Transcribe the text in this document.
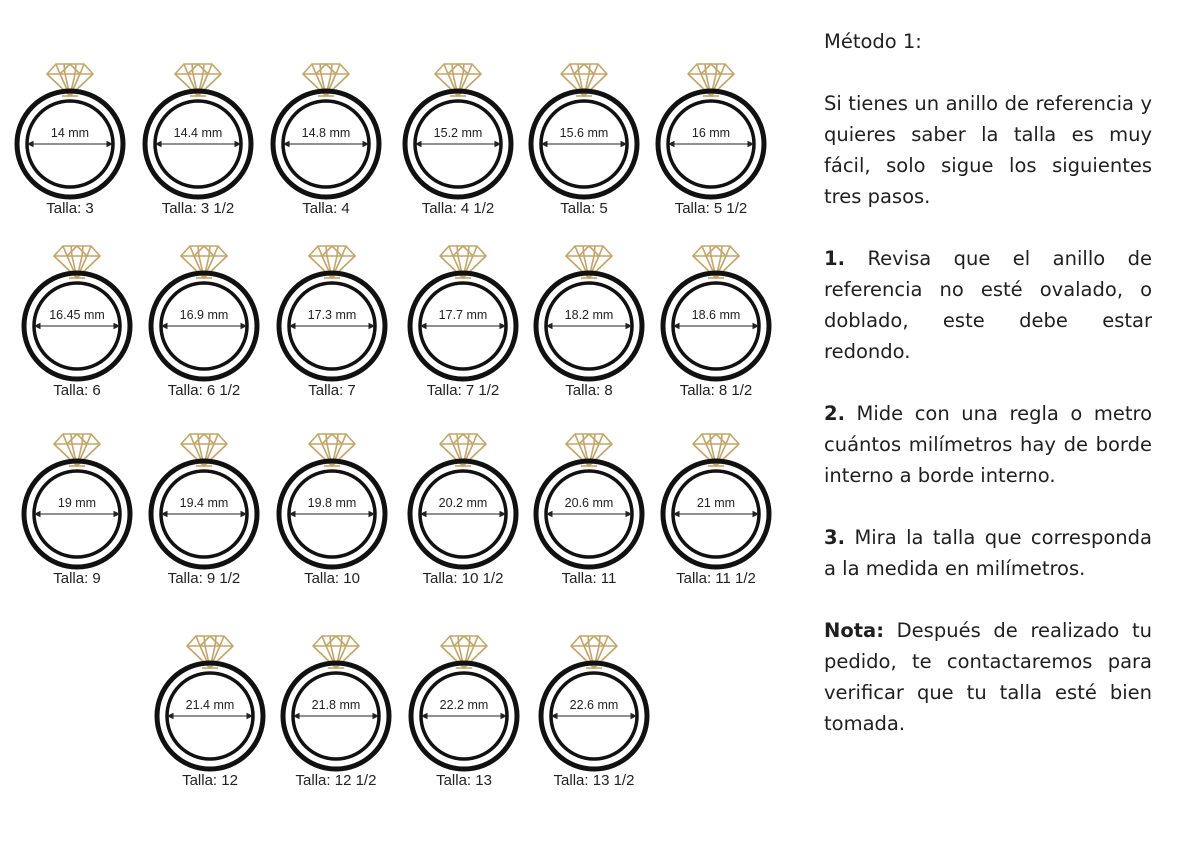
14 mm
Talla: 3
14.4 mm
Talla: 3 1/2
14.8 mm
Talla: 4
15.2 mm
Talla: 4 1/2
15.6 mm
Talla: 5
16 mm
Talla: 5 1/2
16.45 mm
Talla: 6
16.9 mm
Talla: 6 1/2
17.3 mm
Talla: 7
17.7 mm
Talla: 7 1/2
18.2 mm
Talla: 8
18.6 mm
Talla: 8 1/2
19 mm
Talla: 9
19.4 mm
Talla: 9 1/2
19.8 mm
Talla: 10
20.2 mm
Talla: 10 1/2
20.6 mm
Talla: 11
21 mm
Talla: 11 1/2
21.4 mm
Talla: 12
21.8 mm
Talla: 12 1/2
22.2 mm
Talla: 13
22.6 mm
Talla: 13 1/2

Método 1:

Si tienes un anillo de referencia y quieres saber la talla es muy fácil, solo sigue los siguientes tres pasos.

1. Revisa que el anillo de referencia no esté ovalado, o doblado, este debe estar redondo.

2. Mide con una regla o metro cuántos milímetros hay de borde interno a borde interno.

3. Mira la talla que corresponda a la medida en milímetros.

Nota: Después de realizado tu pedido, te contactaremos para verificar que tu talla esté bien tomada.
